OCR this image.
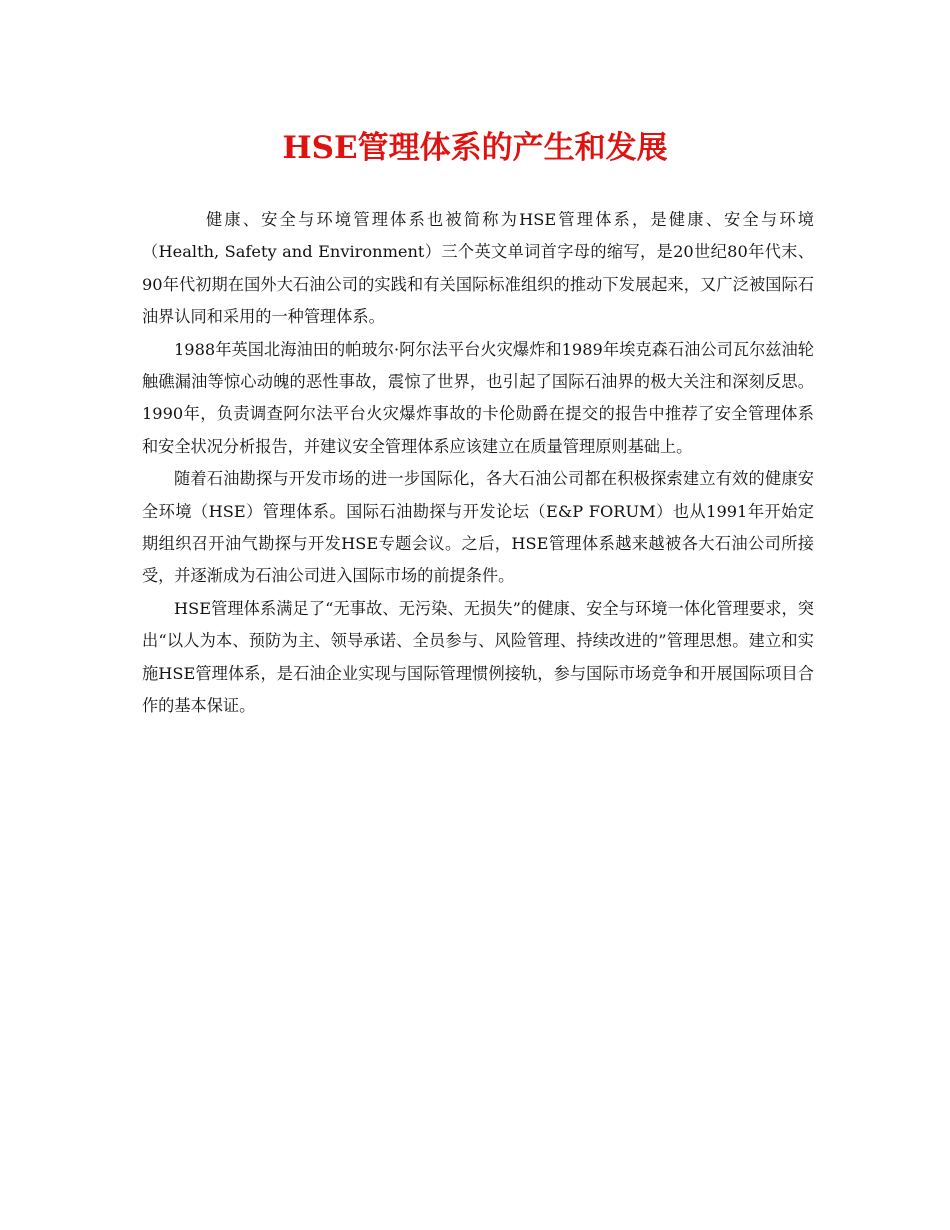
HSE管理体系的产生和发展

健康、安全与环境管理体系也被简称为HSE管理体系，是健康、安全与环境（Health, Safety and Environment）三个英文单词首字母的缩写，是20世纪80年代末、90年代初期在国外大石油公司的实践和有关国际标准组织的推动下发展起来，又广泛被国际石油界认同和采用的一种管理体系。

1988年英国北海油田的帕玻尔·阿尔法平台火灾爆炸和1989年埃克森石油公司瓦尔兹油轮触礁漏油等惊心动魄的恶性事故，震惊了世界，也引起了国际石油界的极大关注和深刻反思。1990年，负责调查阿尔法平台火灾爆炸事故的卡伦勋爵在提交的报告中推荐了安全管理体系和安全状况分析报告，并建议安全管理体系应该建立在质量管理原则基础上。

随着石油勘探与开发市场的进一步国际化，各大石油公司都在积极探索建立有效的健康安全环境（HSE）管理体系。国际石油勘探与开发论坛（E&P FORUM）也从1991年开始定期组织召开油气勘探与开发HSE专题会议。之后，HSE管理体系越来越被各大石油公司所接受，并逐渐成为石油公司进入国际市场的前提条件。

HSE管理体系满足了“无事故、无污染、无损失”的健康、安全与环境一体化管理要求，突出“以人为本、预防为主、领导承诺、全员参与、风险管理、持续改进的”管理思想。建立和实施HSE管理体系，是石油企业实现与国际管理惯例接轨，参与国际市场竞争和开展国际项目合作的基本保证。
